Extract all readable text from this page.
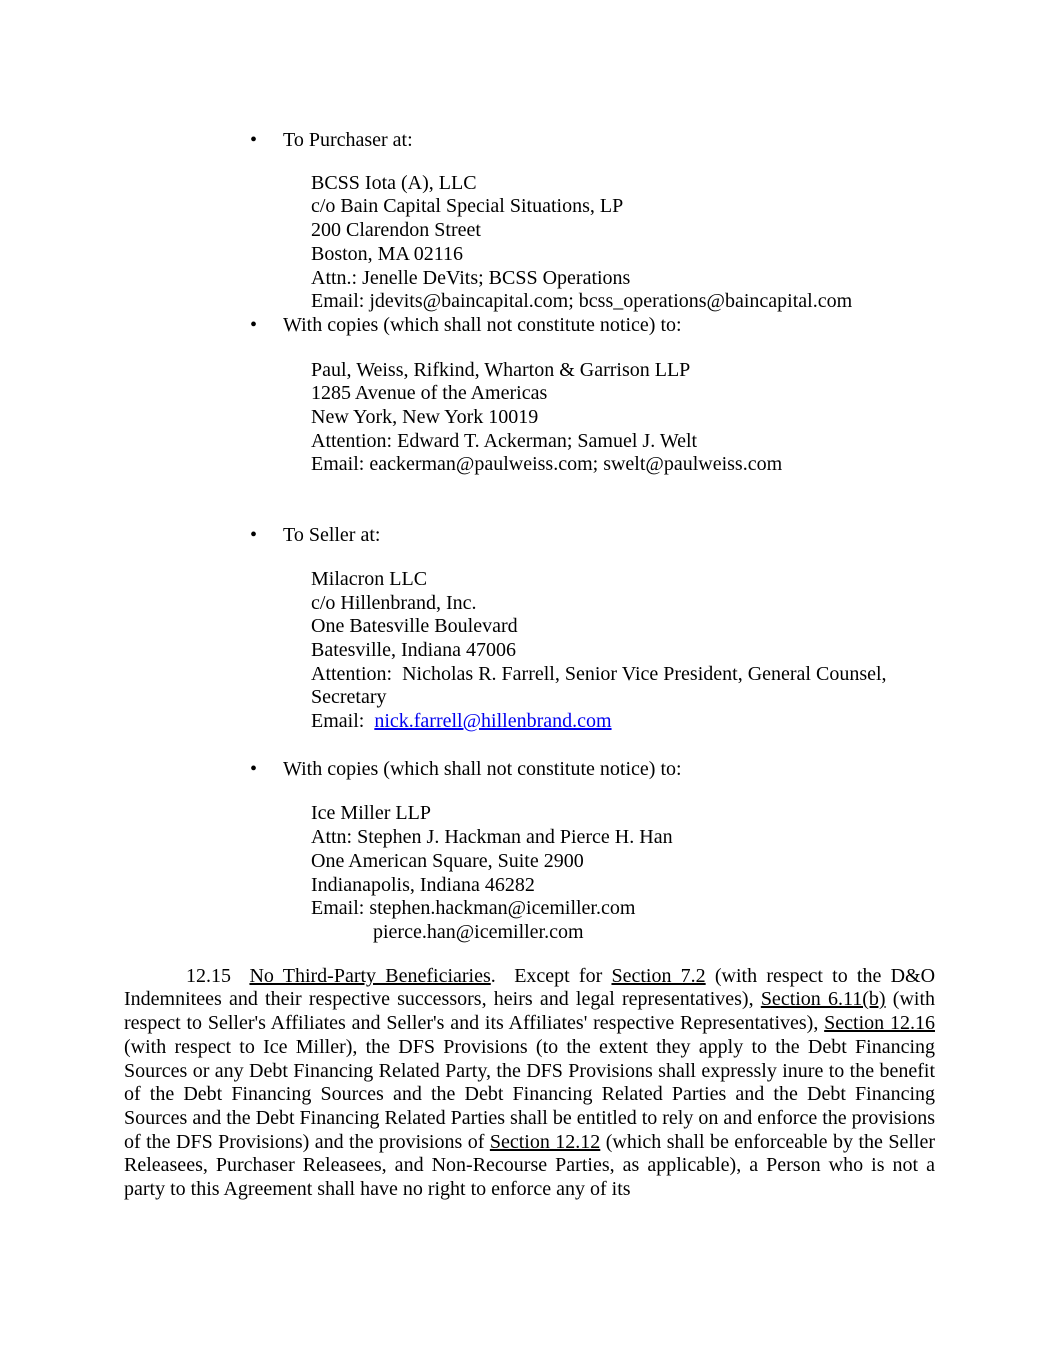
• To Purchaser at:
BCSS Iota (A), LLC
c/o Bain Capital Special Situations, LP
200 Clarendon Street
Boston, MA 02116
Attn.: Jenelle DeVits; BCSS Operations
Email: jdevits@baincapital.com; bcss_operations@baincapital.com
• With copies (which shall not constitute notice) to:
Paul, Weiss, Rifkind, Wharton & Garrison LLP
1285 Avenue of the Americas
New York, New York 10019
Attention: Edward T. Ackerman; Samuel J. Welt
Email: eackerman@paulweiss.com; swelt@paulweiss.com
• To Seller at:
Milacron LLC
c/o Hillenbrand, Inc.
One Batesville Boulevard
Batesville, Indiana 47006
Attention:  Nicholas R. Farrell, Senior Vice President, General Counsel,
Secretary
Email:  nick.farrell@hillenbrand.com
• With copies (which shall not constitute notice) to:
Ice Miller LLP
Attn: Stephen J. Hackman and Pierce H. Han
One American Square, Suite 2900
Indianapolis, Indiana 46282
Email: stephen.hackman@icemiller.com
pierce.han@icemiller.com

12.15  No Third-Party Beneficiaries.  Except for Section 7.2 (with respect to the D&O Indemnitees and their respective successors, heirs and legal representatives), Section 6.11(b) (with respect to Seller's Affiliates and Seller's and its Affiliates' respective Representatives), Section 12.16 (with respect to Ice Miller), the DFS Provisions (to the extent they apply to the Debt Financing Sources or any Debt Financing Related Party, the DFS Provisions shall expressly inure to the benefit of the Debt Financing Sources and the Debt Financing Related Parties and the Debt Financing Sources and the Debt Financing Related Parties shall be entitled to rely on and enforce the provisions of the DFS Provisions) and the provisions of Section 12.12 (which shall be enforceable by the Seller Releasees, Purchaser Releasees, and Non-Recourse Parties, as applicable), a Person who is not a party to this Agreement shall have no right to enforce any of its
